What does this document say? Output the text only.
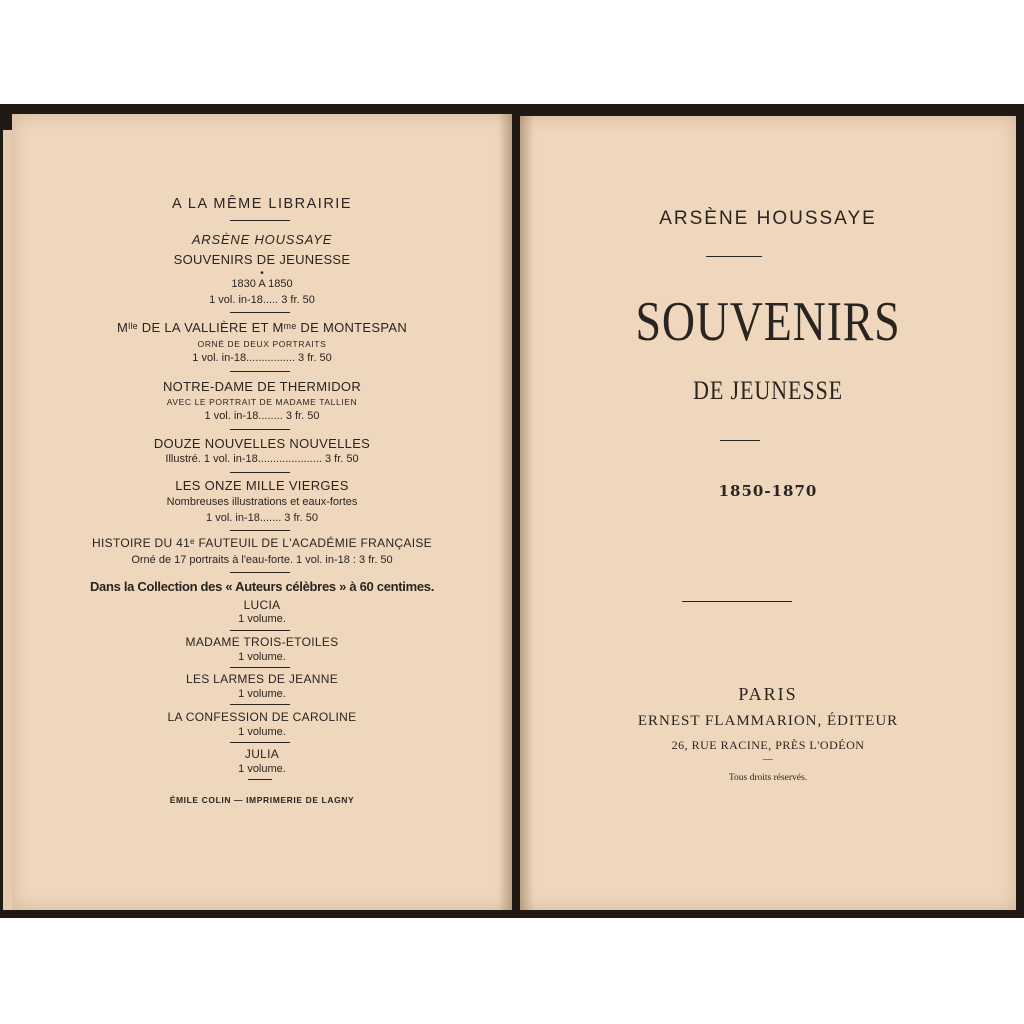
A LA MÊME LIBRAIRIE
ARSÈNE HOUSSAYE
SOUVENIRS DE JEUNESSE
•
1830 A 1850
1 vol. in-18..... 3 fr. 50
Mˡˡᵉ DE LA VALLIÈRE ET Mᵐᵉ DE MONTESPAN
ORNÉ DE DEUX PORTRAITS
1 vol. in-18................ 3 fr. 50
NOTRE-DAME DE THERMIDOR
AVEC LE PORTRAIT DE MADAME TALLIEN
1 vol. in-18........ 3 fr. 50
DOUZE NOUVELLES NOUVELLES
Illustré. 1 vol. in-18..................... 3 fr. 50
LES ONZE MILLE VIERGES
Nombreuses illustrations et eaux-fortes
1 vol. in-18....... 3 fr. 50
HISTOIRE DU 41ᵉ FAUTEUIL DE L'ACADÉMIE FRANÇAISE
Orné de 17 portraits à l'eau-forte. 1 vol. in-18 : 3 fr. 50
Dans la Collection des « Auteurs célèbres » à 60 centimes.
LUCIA
1 volume.
MADAME TROIS-ETOILES
1 volume.
LES LARMES DE JEANNE
1 volume.
LA CONFESSION DE CAROLINE
1 volume.
JULIA
1 volume.
ÉMILE COLIN — IMPRIMERIE DE LAGNY
ARSÈNE HOUSSAYE
SOUVENIRS
DE JEUNESSE
1850-1870
PARIS
ERNEST FLAMMARION, ÉDITEUR
26, RUE RACINE, PRÈS L'ODÉON
—
Tous droits réservés.
